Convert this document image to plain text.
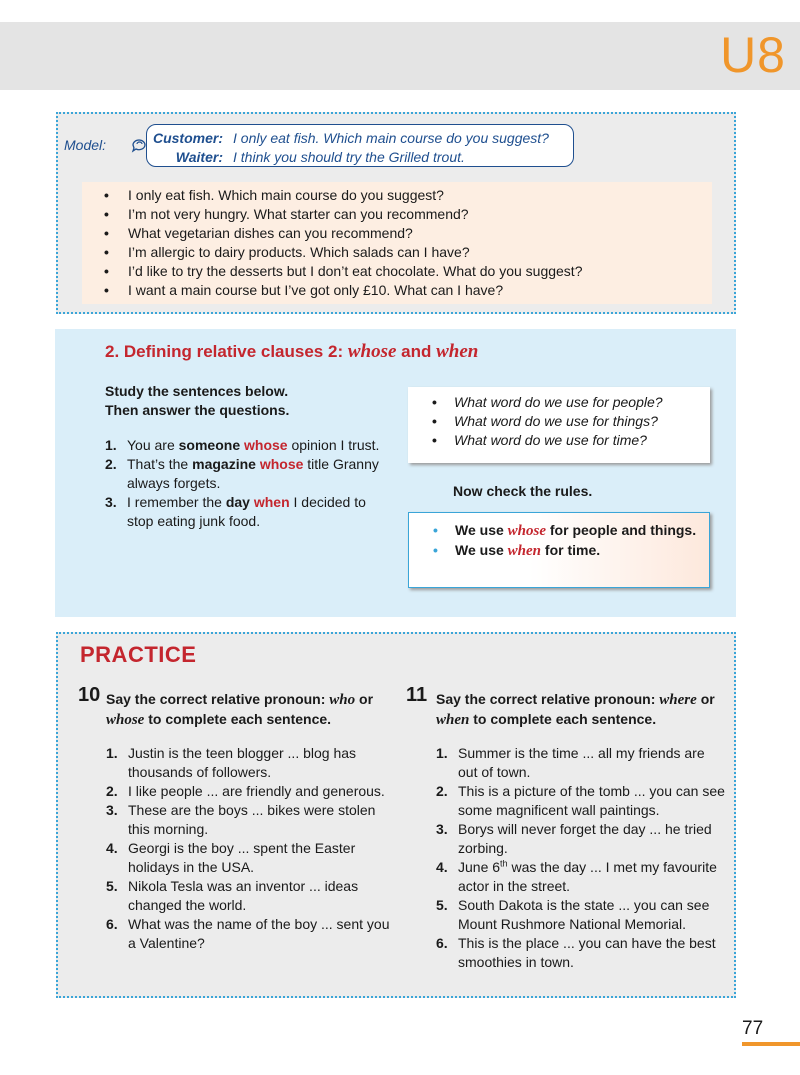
U8
Model:	Customer: I only eat fish. Which main course do you suggest?
Waiter: I think you should try the Grilled trout.
• I only eat fish. Which main course do you suggest?
• I’m not very hungry. What starter can you recommend?
• What vegetarian dishes can you recommend?
• I’m allergic to dairy products. Which salads can I have?
• I’d like to try the desserts but I don’t eat chocolate. What do you suggest?
• I want a main course but I’ve got only £10. What can I have?
2. Defining relative clauses 2: whose and when
Study the sentences below.
Then answer the questions.
1. You are someone whose opinion I trust.
2. That’s the magazine whose title Granny always forgets.
3. I remember the day when I decided to stop eating junk food.
• What word do we use for people?
• What word do we use for things?
• What word do we use for time?
Now check the rules.
• We use whose for people and things.
• We use when for time.
PRACTICE
10 Say the correct relative pronoun: who or whose to complete each sentence.
1. Justin is the teen blogger ... blog has thousands of followers.
2. I like people ... are friendly and generous.
3. These are the boys ... bikes were stolen this morning.
4. Georgi is the boy ... spent the Easter holidays in the USA.
5. Nikola Tesla was an inventor ... ideas changed the world.
6. What was the name of the boy ... sent you a Valentine?
11 Say the correct relative pronoun: where or when to complete each sentence.
1. Summer is the time ... all my friends are out of town.
2. This is a picture of the tomb ... you can see some magnificent wall paintings.
3. Borys will never forget the day ... he tried zorbing.
4. June 6th was the day ... I met my favourite actor in the street.
5. South Dakota is the state ... you can see Mount Rushmore National Memorial.
6. This is the place ... you can have the best smoothies in town.
77
